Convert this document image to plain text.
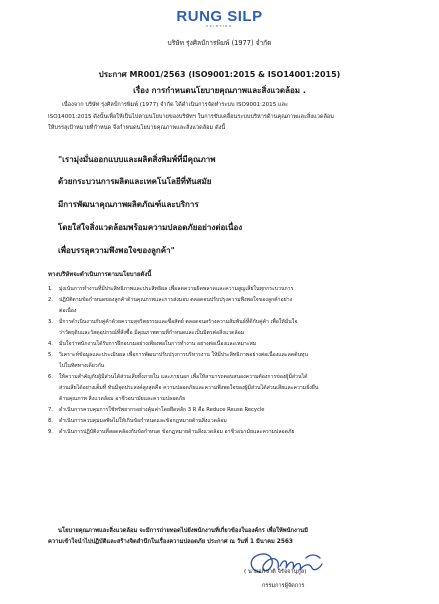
RUNG SILP
PRINTING
บริษัท รุ่งศิลป์การพิมพ์ (1977) จำกัด
ประกาศ MR001/2563 (ISO9001:2015 & ISO14001:2015)
เรื่อง การกำหนดนโยบายคุณภาพและสิ่งแวดล้อม .

เนื่องจาก บริษัท รุ่งศิลป์การพิมพ์ (1977) จำกัด ได้ดำเนินการจัดทำระบบ ISO9001:2015 และ

ISO14001:2015 ดังนั้นเพื่อให้เป็นไปตามนโยบายของบริษัทฯ ในการขับเคลื่อนระบบบริหารด้านคุณภาพและสิ่งแวดล้อม

ให้บรรลุเป้าหมายที่กำหนด จึงกำหนดนโยบายคุณภาพและสิ่งแวดล้อม ดังนี้

"เรามุ่งมั่นออกแบบและผลิตสิ่งพิมพ์ที่มีคุณภาพ
ด้วยกระบวนการผลิตและเทคโนโลยีที่ทันสมัย
มีการพัฒนาคุณภาพผลิตภัณฑ์และบริการ
โดยใส่ใจสิ่งแวดล้อมพร้อมความปลอดภัยอย่างต่อเนื่อง
เพื่อบรรลุความพึงพอใจของลูกค้า"
ทางบริษัทจะดำเนินการตามนโยบายดังนี้
1. มุ่งเน้นการทำงานที่มีประสิทธิภาพและประสิทธิผล เพื่อลดความผิดพลาดและความสูญเสียในทุกกระบวนการ
2. ปฏิบัติตามข้อกำหนดของลูกค้าด้านคุณภาพและการส่งมอบ ตลอดจนปรับปรุงความพึงพอใจของลูกค้าอย่าง
ต่อเนื่อง
3. มีการดำเนินงานกับคู่ค้าด้วยความสุจริตธรรมและซื่อสัตย์ ตลอดจนสร้างความสัมพันธ์ที่ดีกับคู่ค้า เพื่อให้มั่นใจ
ว่าวัตถุดิบและวัสดุอุปกรณ์ที่สั่งซื้อ มีคุณภาพตามที่กำหนดและเป็นมิตรต่อสิ่งแวดล้อม
4. มั่นใจว่าพนักงานได้รับการฝึกอบรมอย่างเพียงพอในการทำงาน อย่างต่อเนื่องและเหมาะสม
5. วิเคราะห์ข้อมูลและประเมินผล เพื่อการพัฒนาปรับปรุงการบริหารงาน ให้มีประสิทธิภาพอย่างต่อเนื่องและลดต้นทุน
ไปในทิศทางเดียวกัน
6. ให้ความสำคัญกับผู้มีส่วนได้ส่วนเสียทั้งภายใน และภายนอก เพื่อให้สามารถตอบสนองความต้องการของผู้มีส่วนได้
ส่วนเสียได้อย่างเต็มที่ ทันมีจุดประสงค์สูงสุดคือ ความปลอดภัยและความพึงพอใจของผู้มีส่วนได้ส่วนเสียและความยั่งยืน
ด้านคุณภาพ สิ่งแวดล้อม อาชีวอนามัยและความปลอดภัย
7. ดำเนินการควบคุมการใช้ทรัพยากรอย่างคุ้มค่าโดยยึดหลัก 3 R คือ Reduce Reuse Recycle
8. ดำเนินการควบคุมมลพิษไม่ให้เกินข้อกำหนดและข้อกฎหมายด้านสิ่งแวดล้อม
9. ดำเนินการปฏิบัติงานที่สอดคล้องกับข้อกำหนด ข้อกฎหมายด้านสิ่งแวดล้อม อาชีวอนามัยและความปลอดภัย

นโยบายคุณภาพและสิ่งแวดล้อม จะมีการถ่ายทอดไปยังพนักงานที่เกี่ยวข้องในองค์กร เพื่อให้พนักงานมี

ความเข้าใจนำไปปฏิบัติและสร้างจิตสำนึกในเรื่องความปลอดภัย ประกาศ ณ วันที่ 1 มีนาคม 2563

( นายอภิชาติ จิรัจจานุกูล)
กรรมการผู้จัดการ
